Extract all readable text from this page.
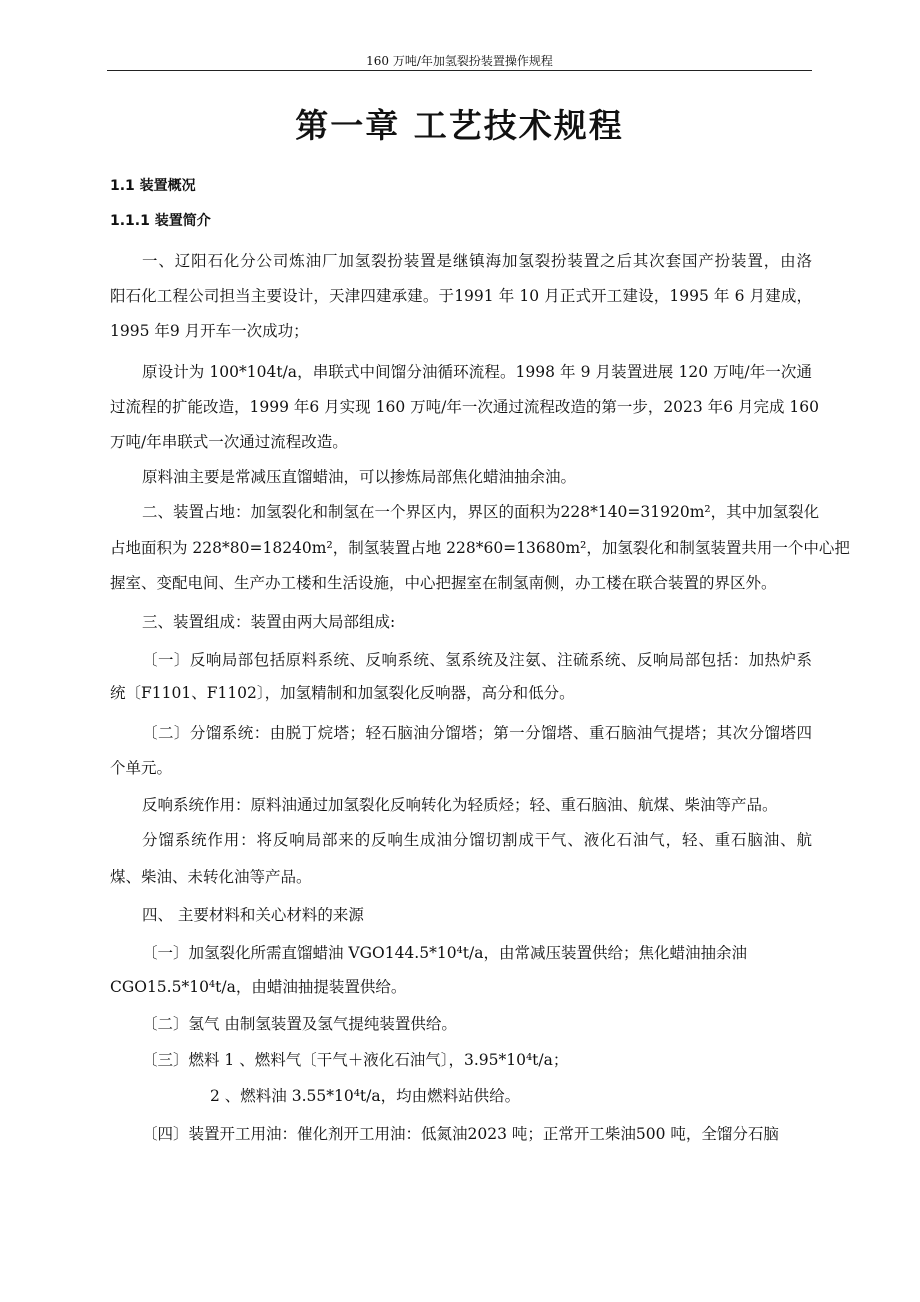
160 万吨/年加氢裂扮装置操作规程
第一章 工艺技术规程
1.1 装置概况
1.1.1 装置简介
一、辽阳石化分公司炼油厂加氢裂扮装置是继镇海加氢裂扮装置之后其次套国产扮装置，由洛
阳石化工程公司担当主要设计，天津四建承建。于1991 年 10 月正式开工建设，1995 年 6 月建成，
1995 年9 月开车一次成功；
原设计为 100*104t/a，串联式中间馏分油循环流程。1998 年 9 月装置进展 120 万吨/年一次通
过流程的扩能改造，1999 年6 月实现 160 万吨/年一次通过流程改造的第一步，2023 年6 月完成 160
万吨/年串联式一次通过流程改造。
原料油主要是常减压直馏蜡油，可以掺炼局部焦化蜡油抽余油。
二、装置占地：加氢裂化和制氢在一个界区内，界区的面积为228*140=31920m²，其中加氢裂化
占地面积为 228*80=18240m²，制氢装置占地 228*60=13680m²，加氢裂化和制氢装置共用一个中心把
握室、变配电间、生产办工楼和生活设施，中心把握室在制氢南侧，办工楼在联合装置的界区外。
三、装置组成：装置由两大局部组成:
〔一〕反响局部包括原料系统、反响系统、氢系统及注氨、注硫系统、反响局部包括：加热炉系
统〔F1101、F1102〕，加氢精制和加氢裂化反响器，高分和低分。
〔二〕分馏系统：由脱丁烷塔；轻石脑油分馏塔；第一分馏塔、重石脑油气提塔；其次分馏塔四
个单元。
反响系统作用：原料油通过加氢裂化反响转化为轻质烃；轻、重石脑油、航煤、柴油等产品。
分馏系统作用：将反响局部来的反响生成油分馏切割成干气、液化石油气，轻、重石脑油、航
煤、柴油、未转化油等产品。
四、 主要材料和关心材料的来源
〔一〕加氢裂化所需直馏蜡油 VGO144.5*10⁴t/a，由常减压装置供给；焦化蜡油抽余油
CGO15.5*10⁴t/a，由蜡油抽提装置供给。
〔二〕氢气 由制氢装置及氢气提纯装置供给。
〔三〕燃料 1 、燃料气〔干气＋液化石油气〕，3.95*10⁴t/a；
2 、燃料油 3.55*10⁴t/a，均由燃料站供给。
〔四〕装置开工用油：催化剂开工用油：低氮油2023 吨；正常开工柴油500 吨，全馏分石脑
